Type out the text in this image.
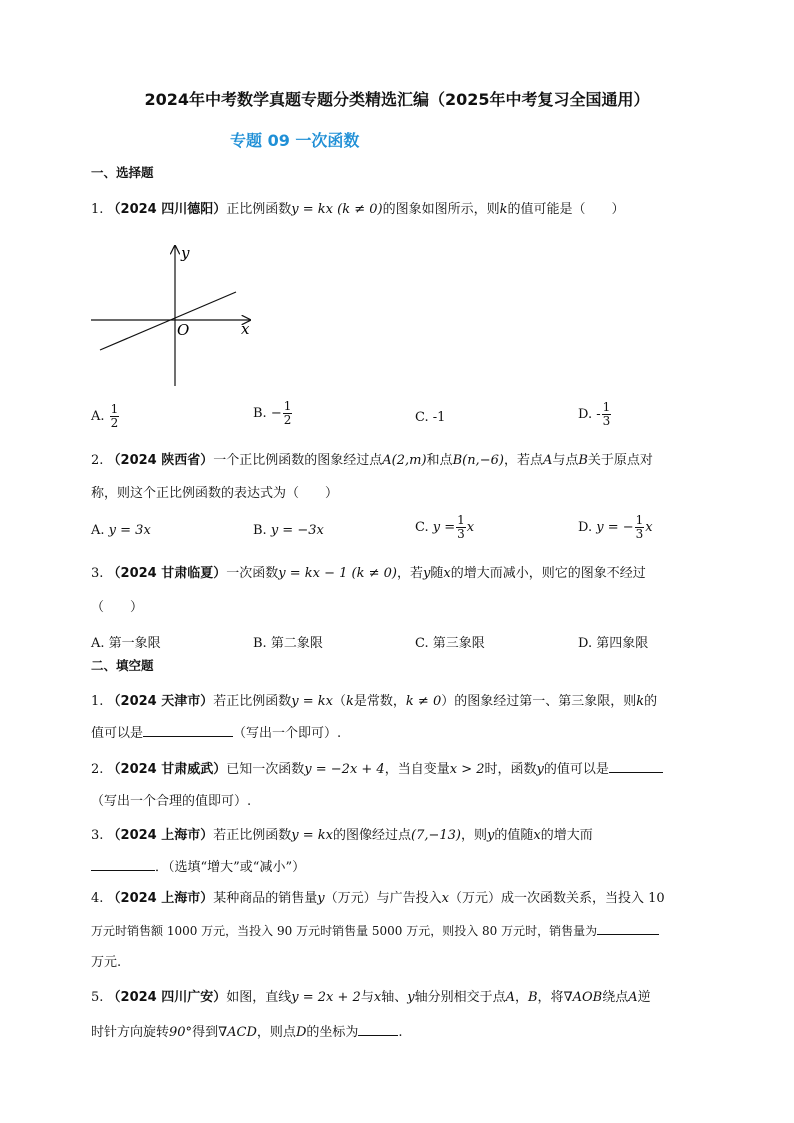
2024年中考数学真题专题分类精选汇编（2025年中考复习全国通用）
专题 09 一次函数
一、选择题
1. （2024 四川德阳）正比例函数y = kx (k ≠ 0)的图象如图所示，则k的值可能是（　　）
y
x
O
A. $\frac{1}{2}$	B. − $\frac{1}{2}$	C. -1	D. - $\frac{1}{3}$
2. （2024 陕西省）一个正比例函数的图象经过点A(2,m)和点B(n,−6)，若点A与点B关于原点对
称，则这个正比例函数的表达式为（　　）
A. y = 3x	B. y = −3x	C. $y = \frac{1}{3}$ x	D. y = − $\frac{1}{3}$ x
3. （2024 甘肃临夏）一次函数y = kx − 1 (k ≠ 0)，若y随x的增大而减小，则它的图象不经过
（　　）
A. 第一象限	B. 第二象限	C. 第三象限	D. 第四象限
二、填空题
1. （2024 天津市）若正比例函数y = kx（k是常数，k ≠ 0）的图象经过第一、第三象限，则k的
值可以是	（写出一个即可）.
2. （2024 甘肃威武）已知一次函数y = −2x + 4，当自变量x > 2时，函数y的值可以是
（写出一个合理的值即可）.
3. （2024 上海市）若正比例函数y = kx的图像经过点(7,−13)，则y的值随x的增大而
．（选填“增大”或“减小”）
4. （2024 上海市）某种商品的销售量y（万元）与广告投入x（万元）成一次函数关系，当投入 10
万元时销售额 1000 万元，当投入 90 万元时销售量 5000 万元，则投入 80 万元时，销售量为
万元.
5. （2024 四川广安）如图，直线y = 2x + 2与x轴、y轴分别相交于点A，B，将∇AOB绕点A逆
时针方向旋转90°得到∇ACD，则点D的坐标为	.
